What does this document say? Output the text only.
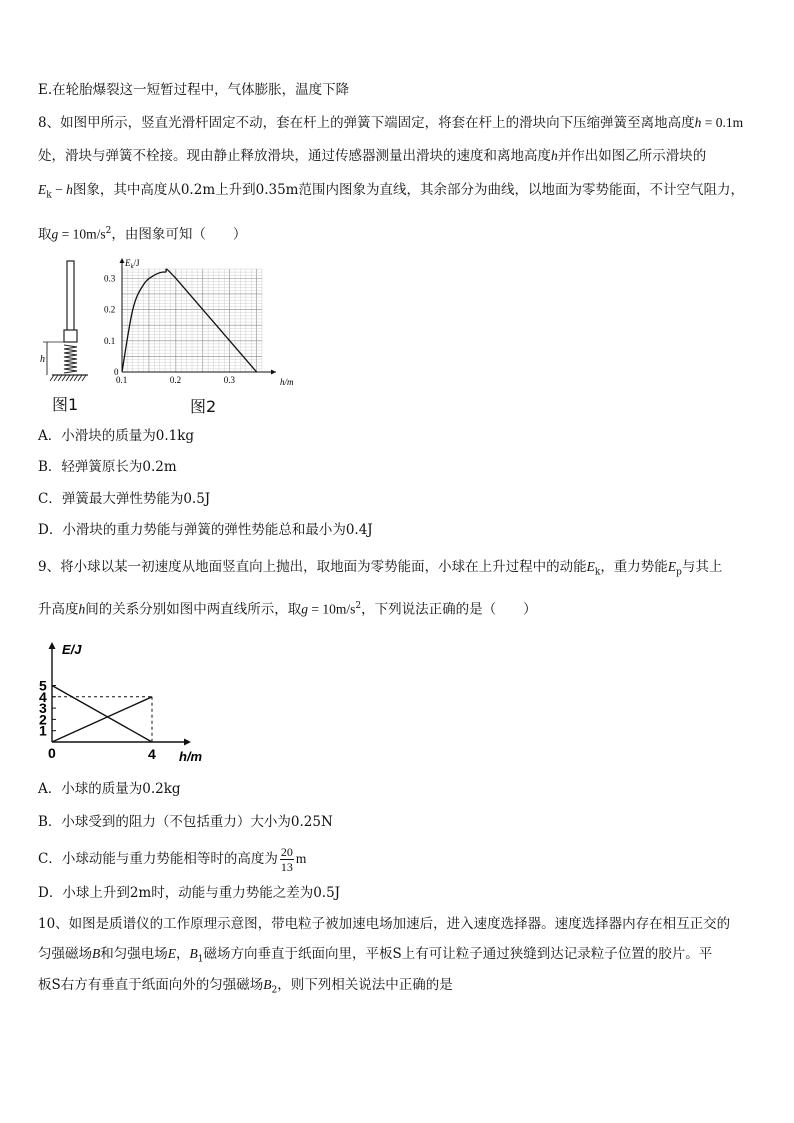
E.在轮胎爆裂这一短暂过程中，气体膨胀，温度下降
8、如图甲所示，竖直光滑杆固定不动，套在杆上的弹簧下端固定，将套在杆上的滑块向下压缩弹簧至离地高度h = 0.1m
处，滑块与弹簧不栓接。现由静止释放滑块，通过传感器测量出滑块的速度和离地高度h并作出如图乙所示滑块的
$E_k - h$图象，其中高度从0.2m上升到0.35m范围内图象为直线，其余部分为曲线，以地面为零势能面，不计空气阻力，
取$g = 10m/s^2$，由图象可知（　　）
h
图1
$E_k/J$
h/m
0
0.1	0.2	0.3
0.1
0.2
0.3
图2
A．小滑块的质量为0.1kg
B．轻弹簧原长为0.2m
C．弹簧最大弹性势能为0.5J
D．小滑块的重力势能与弹簧的弹性势能总和最小为0.4J
9、将小球以某一初速度从地面竖直向上抛出，取地面为零势能面，小球在上升过程中的动能$E_k$，重力势能$E_p$与其上
升高度h间的关系分别如图中两直线所示，取$g = 10m/s^2$，下列说法正确的是（　　）
E/J
h/m
0
1
2
3
4
5
4
A．小球的质量为0.2kg
B．小球受到的阻力（不包括重力）大小为0.25N
C．小球动能与重力势能相等时的高度为 $\frac{20}{13}$ m
D．小球上升到2m时，动能与重力势能之差为0.5J
10、如图是质谱仪的工作原理示意图，带电粒子被加速电场加速后，进入速度选择器。速度选择器内存在相互正交的
匀强磁场B和匀强电场E，$B_1$磁场方向垂直于纸面向里，平板S上有可让粒子通过狭缝到达记录粒子位置的胶片。平
板S右方有垂直于纸面向外的匀强磁场$B_2$，则下列相关说法中正确的是
